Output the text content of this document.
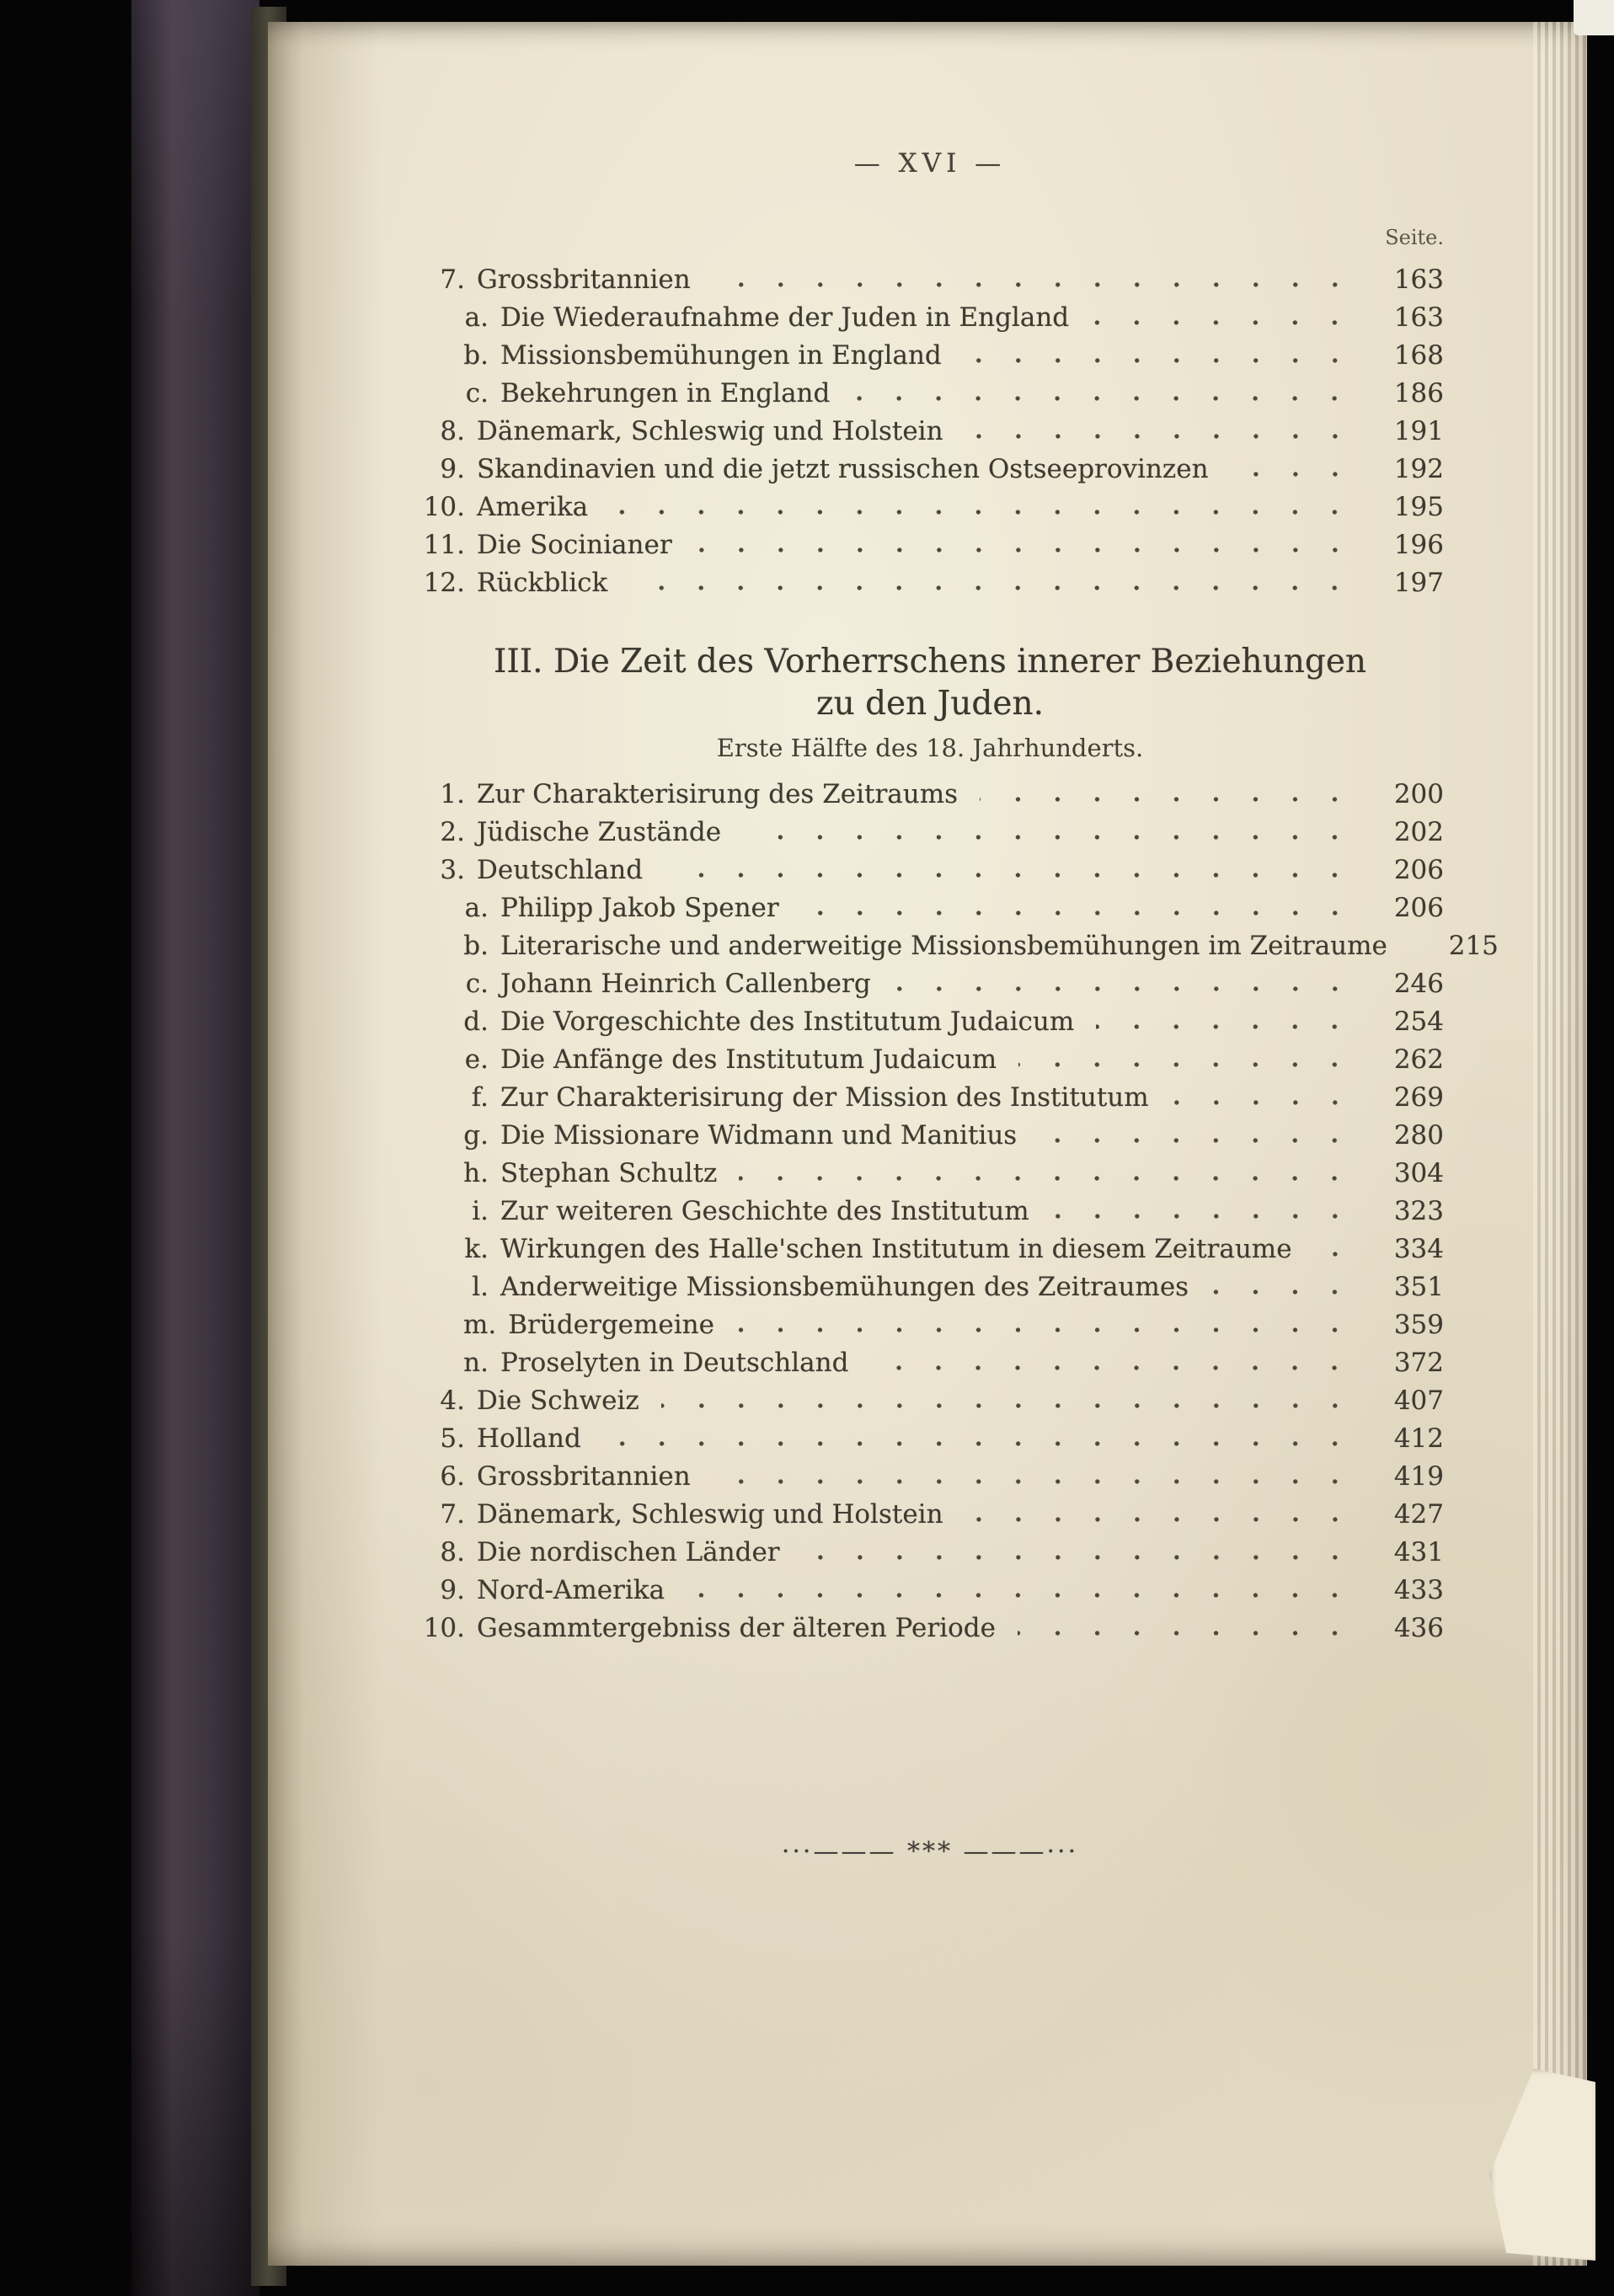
— XVI —
Seite.
7. Grossbritannien	163
a. Die Wiederaufnahme der Juden in England	163
b. Missionsbemühungen in England	168
c. Bekehrungen in England	186
8. Dänemark, Schleswig und Holstein	191
9. Skandinavien und die jetzt russischen Ostseeprovinzen	192
10. Amerika	195
11. Die Socinianer	196
12. Rückblick	197
III. Die Zeit des Vorherrschens innerer Beziehungen
zu den Juden.
Erste Hälfte des 18. Jahrhunderts.
1. Zur Charakterisirung des Zeitraums	200
2. Jüdische Zustände	202
3. Deutschland	206
a. Philipp Jakob Spener	206
b. Literarische und anderweitige Missionsbemühungen im Zeitraume	215
c. Johann Heinrich Callenberg	246
d. Die Vorgeschichte des Institutum Judaicum	254
e. Die Anfänge des Institutum Judaicum	262
f. Zur Charakterisirung der Mission des Institutum	269
g. Die Missionare Widmann und Manitius	280
h. Stephan Schultz	304
i. Zur weiteren Geschichte des Institutum	323
k. Wirkungen des Halle'schen Institutum in diesem Zeitraume	334
l. Anderweitige Missionsbemühungen des Zeitraumes	351
m. Brüdergemeine	359
n. Proselyten in Deutschland	372
4. Die Schweiz	407
5. Holland	412
6. Grossbritannien	419
7. Dänemark, Schleswig und Holstein	427
8. Die nordischen Länder	431
9. Nord-Amerika	433
10. Gesammtergebniss der älteren Periode	436
···——— *** ———···
